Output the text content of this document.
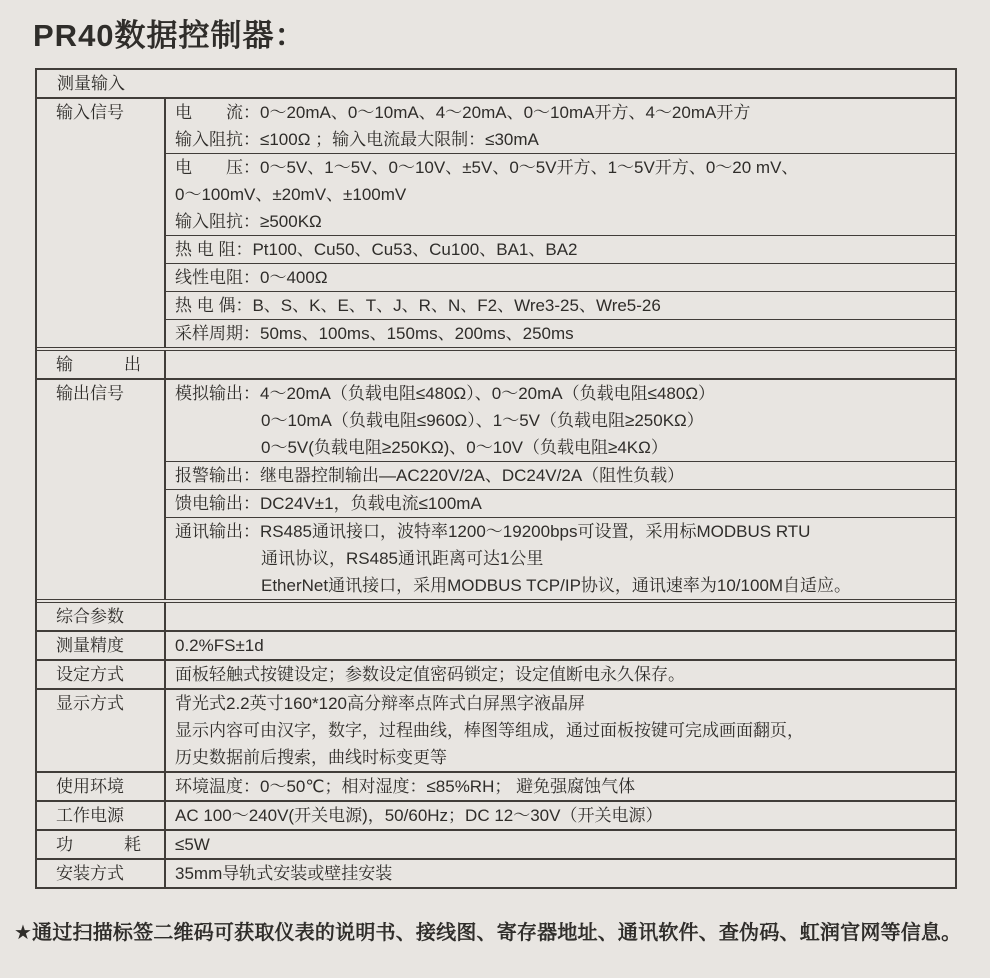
PR40数据控制器：
测量输入
输入信号	电　　流：0～20mA、0～10mA、4～20mA、0～10mA开方、4～20mA开方
输入阻抗：≤100Ω ；输入电流最大限制：≤30mA
电　　压：0～5V、1～5V、0～10V、±5V、0～5V开方、1～5V开方、0～20 mV、
0～100mV、±20mV、±100mV
输入阻抗：≥500KΩ
热 电 阻：Pt100、Cu50、Cu53、Cu100、BA1、BA2
线性电阻：0～400Ω
热 电 偶：B、S、K、E、T、J、R、N、F2、Wre3-25、Wre5-26
采样周期：50ms、100ms、150ms、200ms、250ms
输　　　出
输出信号	模拟输出：4～20mA（负载电阻≤480Ω）、0～20mA（负载电阻≤480Ω）
0～10mA（负载电阻≤960Ω）、1～5V（负载电阻≥250KΩ）
0～5V(负载电阻≥250KΩ)、0～10V（负载电阻≥4KΩ）
报警输出：继电器控制输出—AC220V/2A、DC24V/2A（阻性负载）
馈电输出：DC24V±1，负载电流≤100mA
通讯输出：RS485通讯接口，波特率1200～19200bps可设置，采用标MODBUS RTU
通讯协议，RS485通讯距离可达1公里
EtherNet通讯接口，采用MODBUS TCP/IP协议，通讯速率为10/100M自适应。
综合参数
测量精度	0.2%FS±1d
设定方式	面板轻触式按键设定；参数设定值密码锁定；设定值断电永久保存。
显示方式	背光式2.2英寸160*120高分辩率点阵式白屏黑字液晶屏
显示内容可由汉字，数字，过程曲线，棒图等组成，通过面板按键可完成画面翻页，
历史数据前后搜索，曲线时标变更等
使用环境	环境温度：0～50℃；相对湿度：≤85%RH； 避免强腐蚀气体
工作电源	AC 100～240V(开关电源)，50/60Hz；DC 12～30V（开关电源）
功　　　耗	≤5W
安装方式	35mm导轨式安装或壁挂安装
★通过扫描标签二维码可获取仪表的说明书、接线图、寄存器地址、通讯软件、查伪码、虹润官网等信息。
